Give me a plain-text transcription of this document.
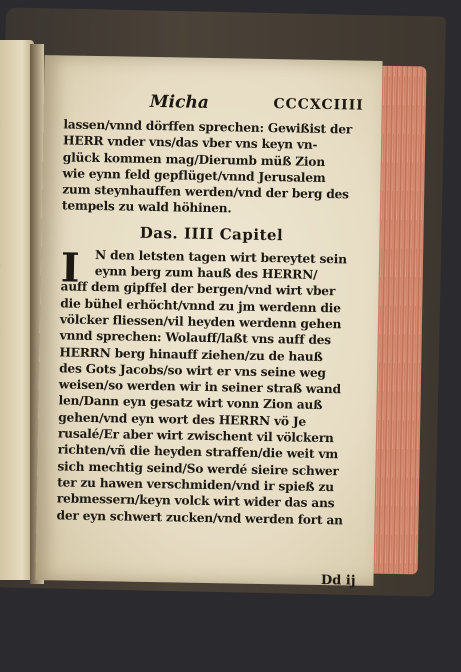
Micha	CCCXCIIII
lassen/vnnd dörffen sprechen: Gewißist der
HERR vnder vns/das vber vns keyn vn-
glück kommen mag/Dierumb müß Zion
wie eynn feld gepflüget/vnnd Jerusalem
zum steynhauffen werden/vnd der berg des
tempels zu wald höhinen.
Das. IIII Capitel
I	N den letsten tagen wirt bereytet sein
eynn berg zum hauß des HERRN/
auff dem gipffel der bergen/vnd wirt vber
die bühel erhöcht/vnnd zu jm werdenn die
völcker fliessen/vil heyden werdenn gehen
vnnd sprechen: Wolauff/laßt vns auff des
HERRN berg hinauff ziehen/zu de hauß
des Gots Jacobs/so wirt er vns seine weg
weisen/so werden wir in seiner straß wand
len/Dann eyn gesatz wirt vonn Zion auß
gehen/vnd eyn wort des HERRN vö Je
rusalé/Er aber wirt zwischent vil völckern
richten/vñ die heyden straffen/die weit vm
sich mechtig seind/So werdé sieire schwer
ter zu hawen verschmiden/vnd ir spieß zu
rebmessern/keyn volck wirt wider das ans
der eyn schwert zucken/vnd werden fort an
Dd ij
